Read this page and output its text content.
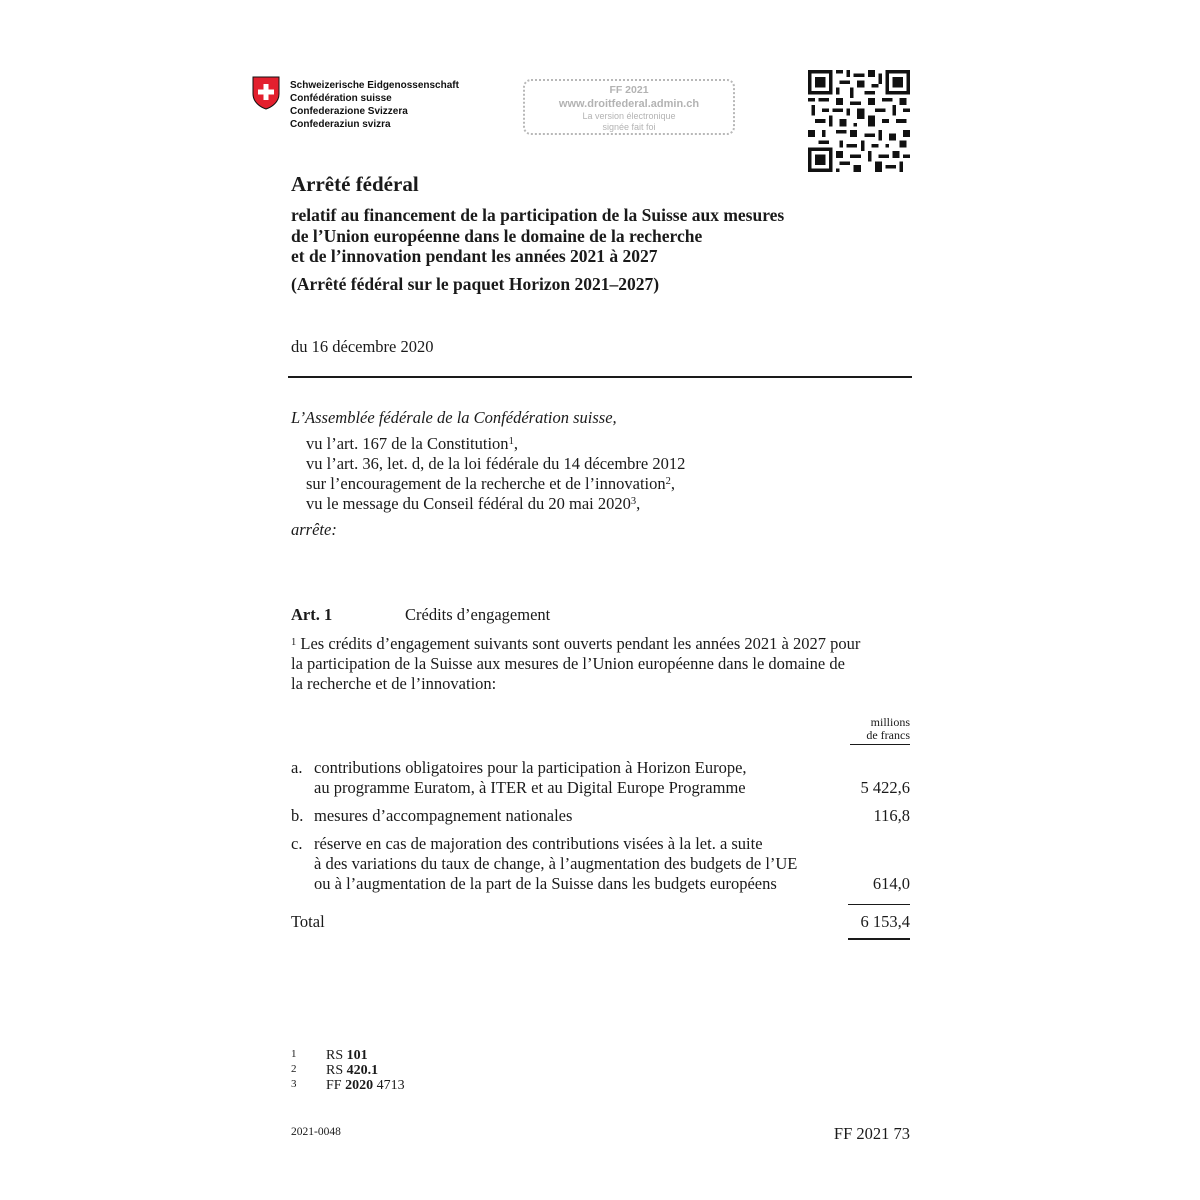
Schweizerische Eidgenossenschaft
Confédération suisse
Confederazione Svizzera
Confederaziun svizra
FF 2021
www.droitfederal.admin.ch
La version électronique
signée fait foi
Arrêté fédéral
relatif au financement de la participation de la Suisse aux mesures
de l’Union européenne dans le domaine de la recherche
et de l’innovation pendant les années 2021 à 2027
(Arrêté fédéral sur le paquet Horizon 2021–2027)
du 16 décembre 2020
L’Assemblée fédérale de la Confédération suisse,
vu l’art. 167 de la Constitution$^1$,
vu l’art. 36, let. d, de la loi fédérale du 14 décembre 2012
sur l’encouragement de la recherche et de l’innovation$^2$,
vu le message du Conseil fédéral du 20 mai 2020$^3$,
arrête:
Art. 1	Crédits d’engagement
$^1$ Les crédits d’engagement suivants sont ouverts pendant les années 2021 à 2027 pour
la participation de la Suisse aux mesures de l’Union européenne dans le domaine de
la recherche et de l’innovation:
millions
de francs
a. contributions obligatoires pour la participation à Horizon Europe,
au programme Euratom, à ITER et au Digital Europe Programme	5 422,6
b. mesures d’accompagnement nationales	116,8
c. réserve en cas de majoration des contributions visées à la let. a suite
à des variations du taux de change, à l’augmentation des budgets de l’UE
ou à l’augmentation de la part de la Suisse dans les budgets européens	614,0
Total	6 153,4
1 RS 101
2 RS 420.1
3 FF 2020 4713
2021-0048	FF 2021 73
